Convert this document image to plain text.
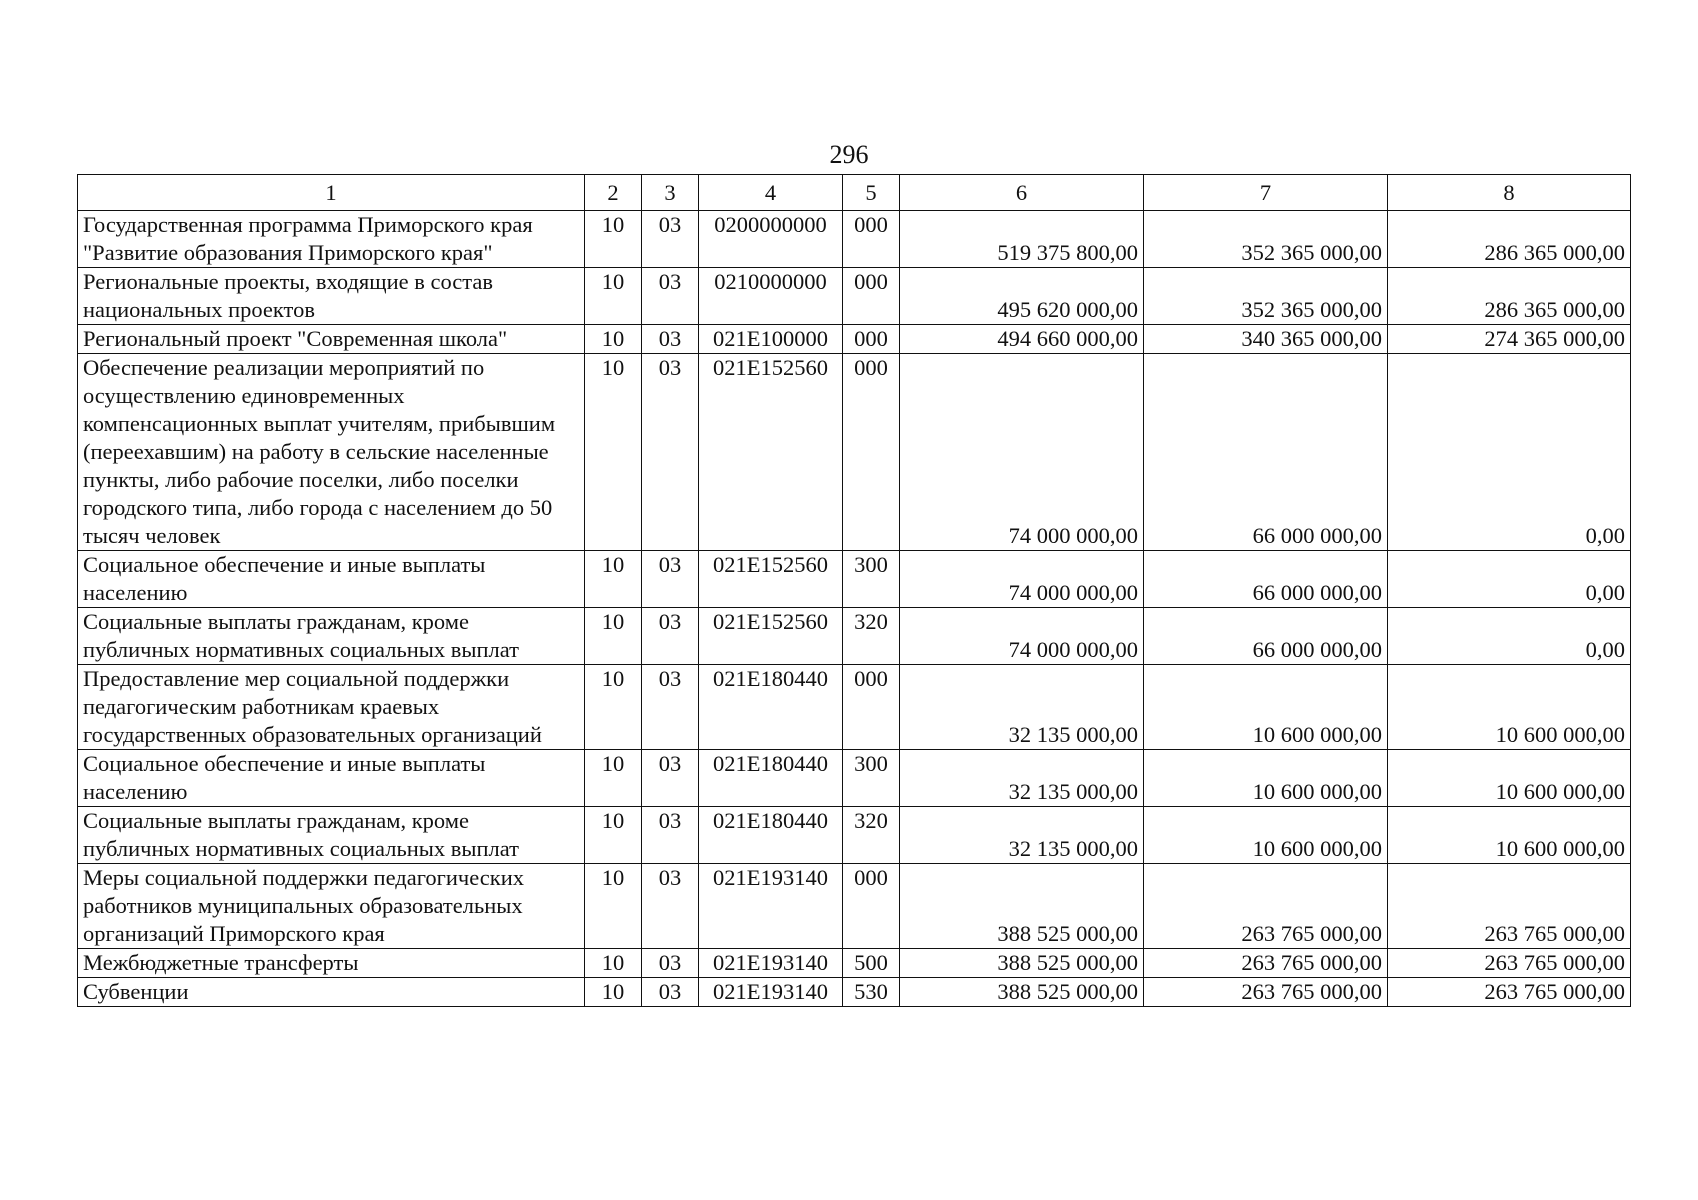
296
1	2	3	4	5	6	7	8
Государственная программа Приморского края "Развитие образования Приморского края"	10	03	0200000000	000	519 375 800,00	352 365 000,00	286 365 000,00
Региональные проекты, входящие в состав национальных проектов	10	03	0210000000	000	495 620 000,00	352 365 000,00	286 365 000,00
Региональный проект "Современная школа"	10	03	021E100000	000	494 660 000,00	340 365 000,00	274 365 000,00
Обеспечение реализации мероприятий по осуществлению единовременных компенсационных выплат учителям, прибывшим (переехавшим) на работу в сельские населенные пункты, либо рабочие поселки, либо поселки городского типа, либо города с населением до 50 тысяч человек	10	03	021E152560	000	74 000 000,00	66 000 000,00	0,00
Социальное обеспечение и иные выплаты населению	10	03	021E152560	300	74 000 000,00	66 000 000,00	0,00
Социальные выплаты гражданам, кроме публичных нормативных социальных выплат	10	03	021E152560	320	74 000 000,00	66 000 000,00	0,00
Предоставление мер социальной поддержки педагогическим работникам краевых государственных образовательных организаций	10	03	021E180440	000	32 135 000,00	10 600 000,00	10 600 000,00
Социальное обеспечение и иные выплаты населению	10	03	021E180440	300	32 135 000,00	10 600 000,00	10 600 000,00
Социальные выплаты гражданам, кроме публичных нормативных социальных выплат	10	03	021E180440	320	32 135 000,00	10 600 000,00	10 600 000,00
Меры социальной поддержки педагогических работников муниципальных образовательных организаций Приморского края	10	03	021E193140	000	388 525 000,00	263 765 000,00	263 765 000,00
Межбюджетные трансферты	10	03	021E193140	500	388 525 000,00	263 765 000,00	263 765 000,00
Субвенции	10	03	021E193140	530	388 525 000,00	263 765 000,00	263 765 000,00
